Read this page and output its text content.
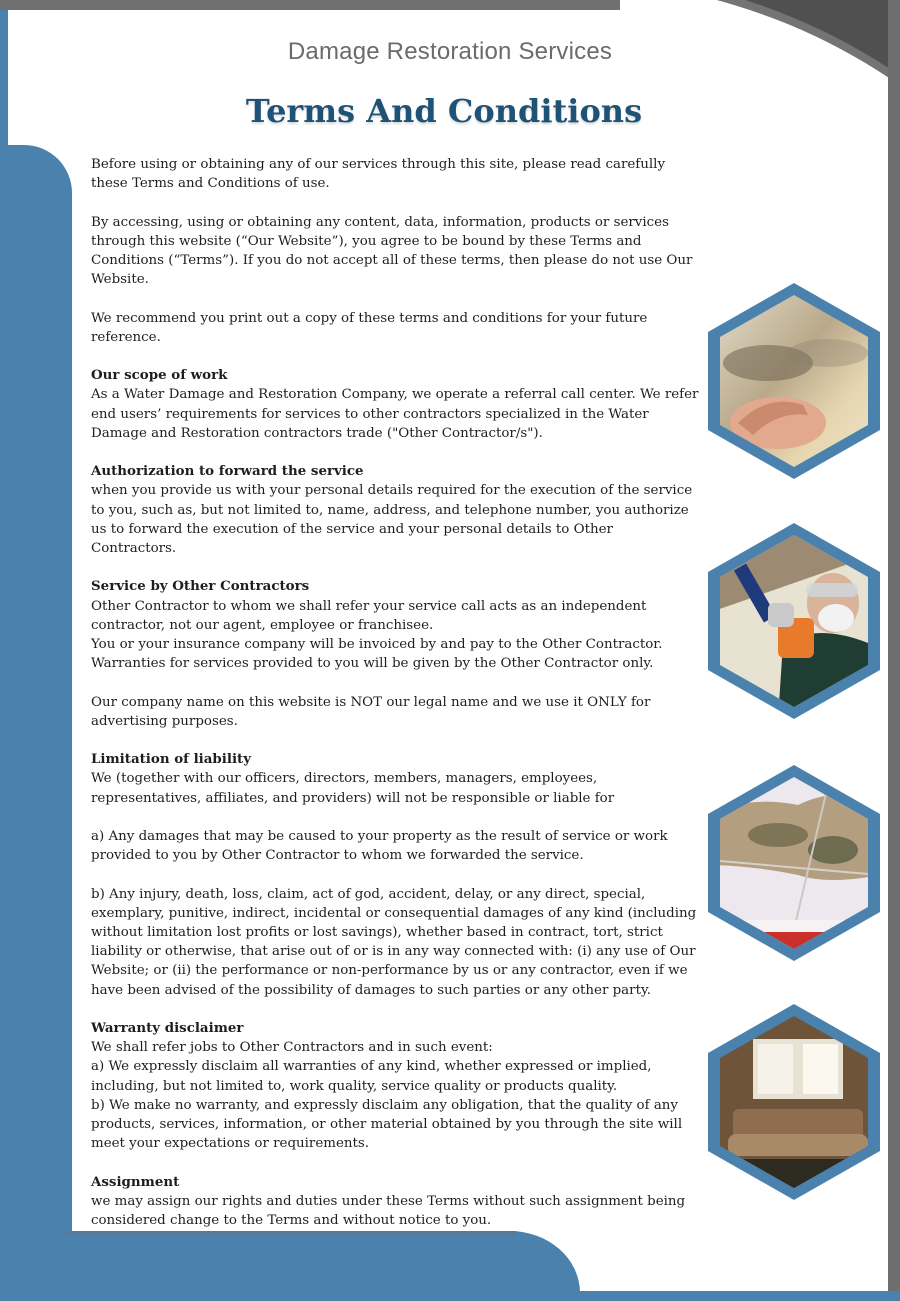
Damage Restoration Services
Terms And Conditions

Before using or obtaining any of our services through this site, please read carefully these Terms and Conditions of use.

By accessing, using or obtaining any content, data, information, products or services through this website (“Our Website”), you agree to be bound by these Terms and Conditions (“Terms”). If you do not accept all of these terms, then please do not use Our Website.

We recommend you print out a copy of these terms and conditions for your future reference.

Our scope of work

As a Water Damage and Restoration Company, we operate a referral call center. We refer end users’ requirements for services to other contractors specialized in the Water Damage and Restoration contractors trade ("Other Contractor/s").

Authorization to forward the service

when you provide us with your personal details required for the execution of the service to you, such as, but not limited to, name, address, and telephone number, you authorize us to forward the execution of the service and your personal details to Other Contractors.

Service by Other Contractors
Other Contractor to whom we shall refer your service call acts as an independent contractor, not our agent, employee or franchisee.
You or your insurance company will be invoiced by and pay to the Other Contractor.

Warranties for services provided to you will be given by the Other Contractor only.

Our company name on this website is NOT our legal name and we use it ONLY for advertising purposes.

Limitation of liability

We (together with our officers, directors, members, managers, employees, representatives, affiliates, and providers) will not be responsible or liable for

a) Any damages that may be caused to your property as the result of service or work provided to you by Other Contractor to whom we forwarded the service.

b) Any injury, death, loss, claim, act of god, accident, delay, or any direct, special, exemplary, punitive, indirect, incidental or consequential damages of any kind (including without limitation lost profits or lost savings), whether based in contract, tort, strict liability or otherwise, that arise out of or is in any way connected with: (i) any use of Our Website; or (ii) the performance or non-performance by us or any contractor, even if we have been advised of the possibility of damages to such parties or any other party.

Warranty disclaimer
We shall refer jobs to Other Contractors and in such event:
a) We expressly disclaim all warranties of any kind, whether expressed or implied, including, but not limited to, work quality, service quality or products quality.

b) We make no warranty, and expressly disclaim any obligation, that the quality of any products, services, information, or other material obtained by you through the site will meet your expectations or requirements.

Assignment

we may assign our rights and duties under these Terms without such assignment being considered change to the Terms and without notice to you.
